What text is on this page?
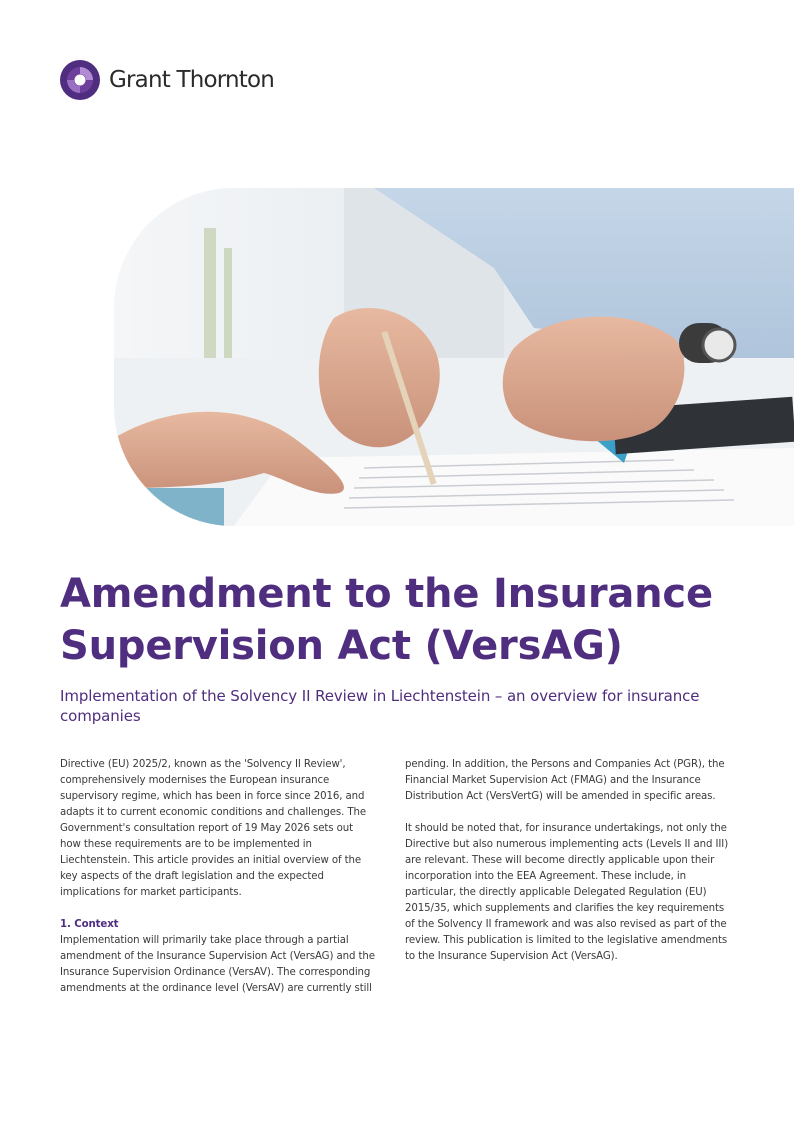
Grant Thornton
Amendment to the Insurance
Supervision Act (VersAG)
Implementation of the Solvency II Review in Liechtenstein – an overview for insurance companies

Directive (EU) 2025/2, known as the 'Solvency II Review', comprehensively modernises the European insurance supervisory regime, which has been in force since 2016, and adapts it to current economic conditions and challenges. The Government's consultation report of 19 May 2026 sets out how these requirements are to be implemented in Liechtenstein. This article provides an initial overview of the key aspects of the draft legislation and the expected implications for market participants.

1. Context

Implementation will primarily take place through a partial amendment of the Insurance Supervision Act (VersAG) and the Insurance Supervision Ordinance (VersAV). The corresponding amendments at the ordinance level (VersAV) are currently still

pending. In addition, the Persons and Companies Act (PGR), the Financial Market Supervision Act (FMAG) and the Insurance Distribution Act (VersVertG) will be amended in specific areas.

It should be noted that, for insurance undertakings, not only the Directive but also numerous implementing acts (Levels II and III) are relevant. These will become directly applicable upon their incorporation into the EEA Agreement. These include, in particular, the directly applicable Delegated Regulation (EU) 2015/35, which supplements and clarifies the key requirements of the Solvency II framework and was also revised as part of the review. This publication is limited to the legislative amendments to the Insurance Supervision Act (VersAG).
